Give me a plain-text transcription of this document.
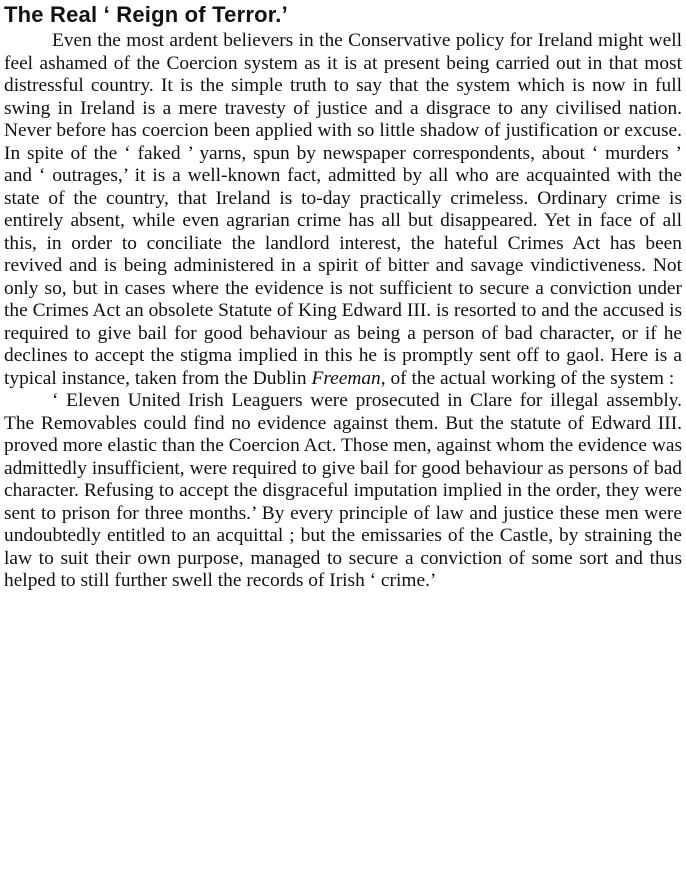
The Real ‘ Reign of Terror.’

Even the most ardent believers in the Conservative policy for Ireland might well feel ashamed of the Coercion system as it is at present being carried out in that most distressful country. It is the simple truth to say that the system which is now in full swing in Ireland is a mere travesty of justice and a disgrace to any civilised nation. Never before has coercion been applied with so little shadow of justification or excuse. In spite of the ‘ faked ’ yarns, spun by newspaper correspondents, about ‘ murders ’ and ‘ outrages,’ it is a well-known fact, admitted by all who are acquainted with the state of the country, that Ireland is to-day practically crimeless. Ordinary crime is entirely absent, while even agrarian crime has all but disappeared. Yet in face of all this, in order to conciliate the landlord interest, the hateful Crimes Act has been revived and is being administered in a spirit of bitter and savage vindictiveness. Not only so, but in cases where the evidence is not sufficient to secure a conviction under the Crimes Act an obsolete Statute of King Edward III. is resorted to and the accused is required to give bail for good behaviour as being a person of bad character, or if he declines to accept the stigma implied in this he is promptly sent off to gaol. Here is a typical instance, taken from the Dublin Freeman, of the actual working of the system :

‘ Eleven United Irish Leaguers were prosecuted in Clare for illegal assembly. The Removables could find no evidence against them. But the statute of Edward III. proved more elastic than the Coercion Act. Those men, against whom the evidence was admittedly insufficient, were required to give bail for good behaviour as persons of bad character. Refusing to accept the disgraceful imputation implied in the order, they were sent to prison for three months.’ By every principle of law and justice these men were undoubtedly entitled to an acquittal ; but the emissaries of the Castle, by straining the law to suit their own purpose, managed to secure a conviction of some sort and thus helped to still further swell the records of Irish ‘ crime.’
